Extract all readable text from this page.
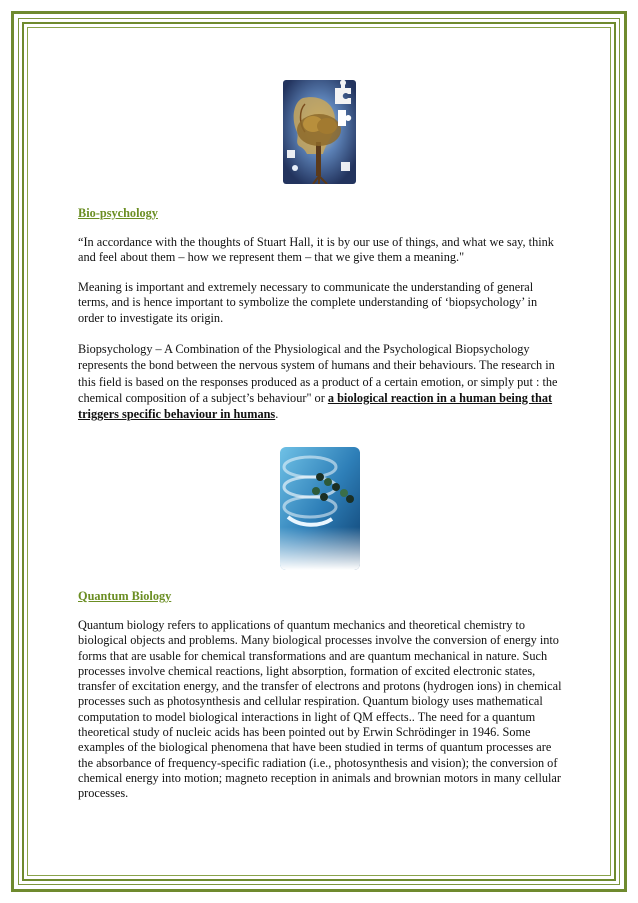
Bio-psychology

“In accordance with the thoughts of Stuart Hall, it is by our use of things, and what we say, think and feel about them – how we represent them – that we give them a meaning."

Meaning is important and extremely necessary to communicate the understanding of general terms, and is hence important to symbolize the complete understanding of ‘biopsychology’ in order to investigate its origin.

Biopsychology – A Combination of the Physiological and the Psychological Biopsychology represents the bond between the nervous system of humans and their behaviours. The research in this field is based on the responses produced as a product of a certain emotion, or simply put : the chemical composition of a subject’s behaviour" or a biological reaction in a human being that triggers specific behaviour in humans.

Quantum Biology

Quantum biology refers to applications of quantum mechanics and theoretical chemistry to biological objects and problems. Many biological processes involve the conversion of energy into forms that are usable for chemical transformations and are quantum mechanical in nature. Such processes involve chemical reactions, light absorption, formation of excited electronic states, transfer of excitation energy, and the transfer of electrons and protons (hydrogen ions) in chemical processes such as photosynthesis and cellular respiration. Quantum biology uses mathematical computation to model biological interactions in light of QM effects.. The need for a quantum theoretical study of nucleic acids has been pointed out by Erwin Schrödinger in 1946. Some examples of the biological phenomena that have been studied in terms of quantum processes are the absorbance of frequency-specific radiation (i.e., photosynthesis and vision); the conversion of chemical energy into motion; magneto reception in animals and brownian motors in many cellular processes.
